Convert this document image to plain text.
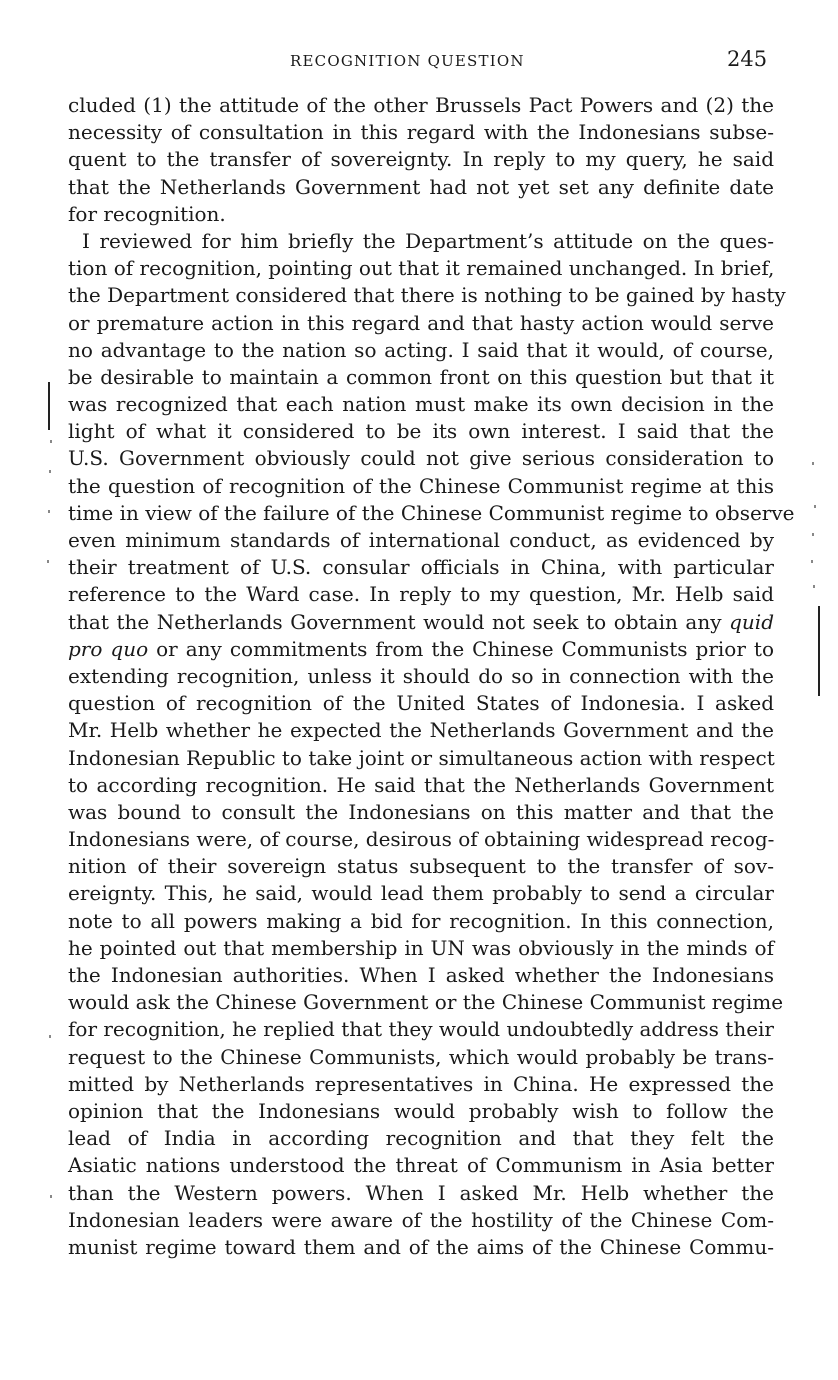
RECOGNITION QUESTION	245
cluded (1) the attitude of the other Brussels Pact Powers and (2) the
necessity of consultation in this regard with the Indonesians subse-
quent to the transfer of sovereignty. In reply to my query, he said
that the Netherlands Government had not yet set any definite date
for recognition.
I reviewed for him briefly the Department’s attitude on the ques-
tion of recognition, pointing out that it remained unchanged. In brief,
the Department considered that there is nothing to be gained by hasty
or premature action in this regard and that hasty action would serve
no advantage to the nation so acting. I said that it would, of course,
be desirable to maintain a common front on this question but that it
was recognized that each nation must make its own decision in the
light of what it considered to be its own interest. I said that the
U.S. Government obviously could not give serious consideration to
the question of recognition of the Chinese Communist regime at this
time in view of the failure of the Chinese Communist regime to observe
even minimum standards of international conduct, as evidenced by
their treatment of U.S. consular officials in China, with particular
reference to the Ward case. In reply to my question, Mr. Helb said
that the Netherlands Government would not seek to obtain any quid
pro quo or any commitments from the Chinese Communists prior to
extending recognition, unless it should do so in connection with the
question of recognition of the United States of Indonesia. I asked
Mr. Helb whether he expected the Netherlands Government and the
Indonesian Republic to take joint or simultaneous action with respect
to according recognition. He said that the Netherlands Government
was bound to consult the Indonesians on this matter and that the
Indonesians were, of course, desirous of obtaining widespread recog-
nition of their sovereign status subsequent to the transfer of sov-
ereignty. This, he said, would lead them probably to send a circular
note to all powers making a bid for recognition. In this connection,
he pointed out that membership in UN was obviously in the minds of
the Indonesian authorities. When I asked whether the Indonesians
would ask the Chinese Government or the Chinese Communist regime
for recognition, he replied that they would undoubtedly address their
request to the Chinese Communists, which would probably be trans-
mitted by Netherlands representatives in China. He expressed the
opinion that the Indonesians would probably wish to follow the
lead of India in according recognition and that they felt the
Asiatic nations understood the threat of Communism in Asia better
than the Western powers. When I asked Mr. Helb whether the
Indonesian leaders were aware of the hostility of the Chinese Com-
munist regime toward them and of the aims of the Chinese Commu-
